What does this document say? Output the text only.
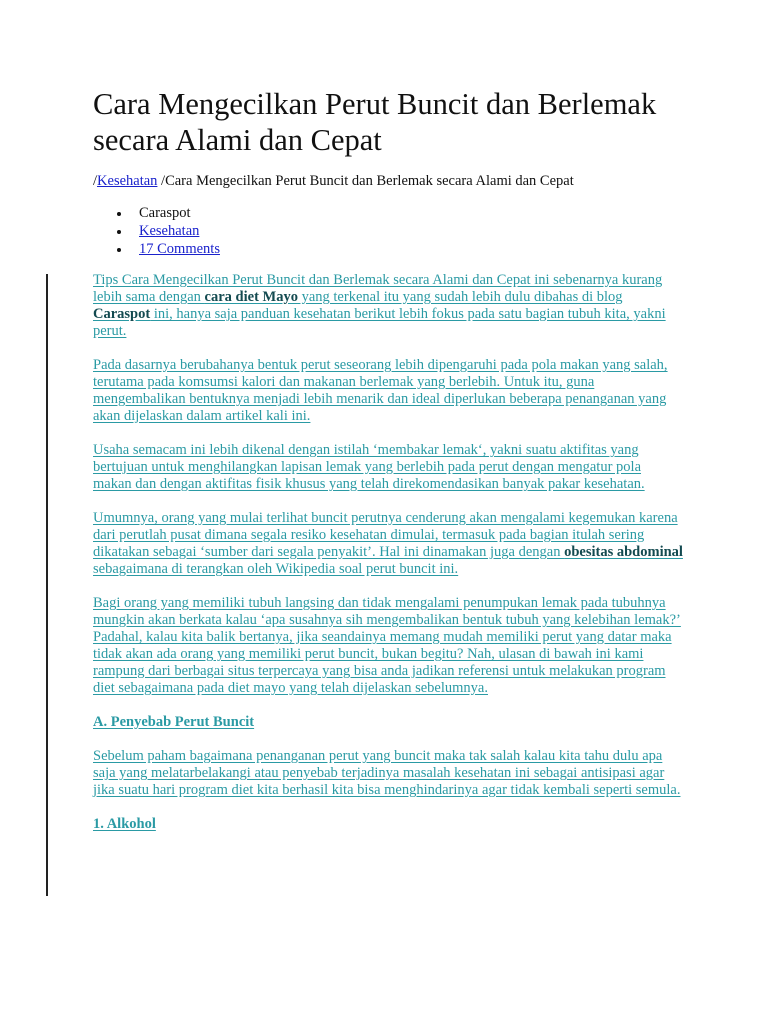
Cara Mengecilkan Perut Buncit dan Berlemak secara Alami dan Cepat
/Kesehatan /Cara Mengecilkan Perut Buncit dan Berlemak secara Alami dan Cepat
Caraspot
Kesehatan
17 Comments

Tips Cara Mengecilkan Perut Buncit dan Berlemak secara Alami dan Cepat ini sebenarnya kurang lebih sama dengan cara diet Mayo yang terkenal itu yang sudah lebih dulu dibahas di blog Caraspot ini, hanya saja panduan kesehatan berikut lebih fokus pada satu bagian tubuh kita, yakni perut.

Pada dasarnya berubahanya bentuk perut seseorang lebih dipengaruhi pada pola makan yang salah, terutama pada komsumsi kalori dan makanan berlemak yang berlebih. Untuk itu, guna mengembalikan bentuknya menjadi lebih menarik dan ideal diperlukan beberapa penanganan yang akan dijelaskan dalam artikel kali ini.

Usaha semacam ini lebih dikenal dengan istilah ‘membakar lemak‘, yakni suatu aktifitas yang bertujuan untuk menghilangkan lapisan lemak yang berlebih pada perut dengan mengatur pola makan dan dengan aktifitas fisik khusus yang telah direkomendasikan banyak pakar kesehatan.

Umumnya, orang yang mulai terlihat buncit perutnya cenderung akan mengalami kegemukan karena dari perutlah pusat dimana segala resiko kesehatan dimulai, termasuk pada bagian itulah sering dikatakan sebagai ‘sumber dari segala penyakit’. Hal ini dinamakan juga dengan obesitas abdominal sebagaimana di terangkan oleh Wikipedia soal perut buncit ini.

Bagi orang yang memiliki tubuh langsing dan tidak mengalami penumpukan lemak pada tubuhnya mungkin akan berkata kalau ‘apa susahnya sih mengembalikan bentuk tubuh yang kelebihan lemak?’ Padahal, kalau kita balik bertanya, jika seandainya memang mudah memiliki perut yang datar maka tidak akan ada orang yang memiliki perut buncit, bukan begitu? Nah, ulasan di bawah ini kami rampung dari berbagai situs terpercaya yang bisa anda jadikan referensi untuk melakukan program diet sebagaimana pada diet mayo yang telah dijelaskan sebelumnya.

A. Penyebab Perut Buncit

Sebelum paham bagaimana penanganan perut yang buncit maka tak salah kalau kita tahu dulu apa saja yang melatarbelakangi atau penyebab terjadinya masalah kesehatan ini sebagai antisipasi agar jika suatu hari program diet kita berhasil kita bisa menghindarinya agar tidak kembali seperti semula.

1. Alkohol
